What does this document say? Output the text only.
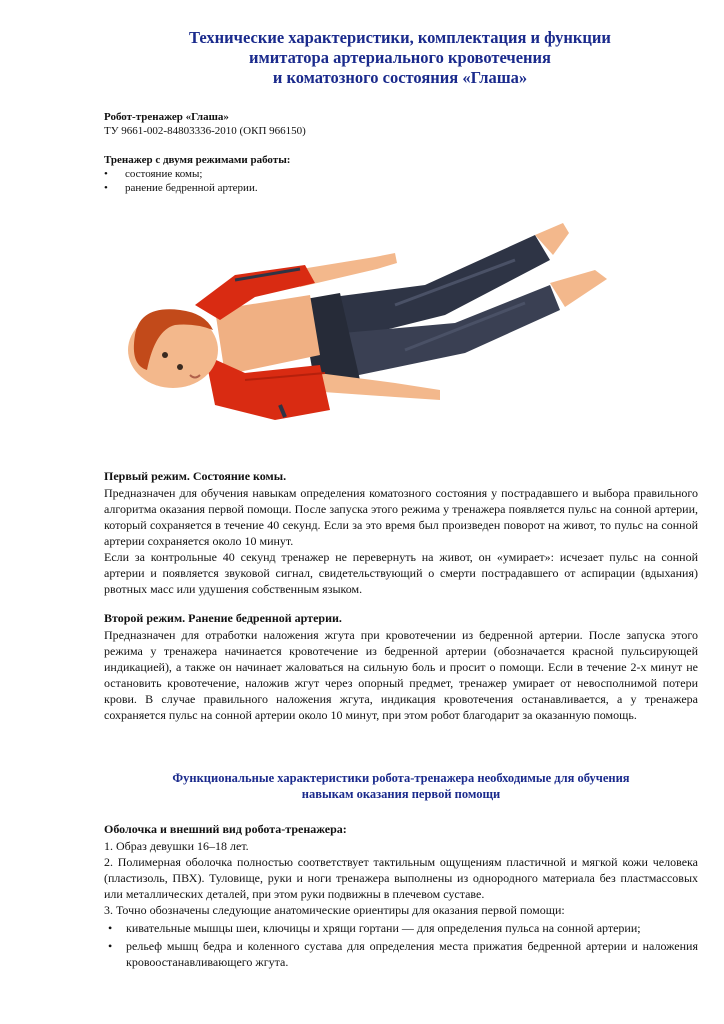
Технические характеристики, комплектация и функции
имитатора артериального кровотечения
и коматозного состояния «Глаша»
Робот-тренажер «Глаша»
ТУ 9661-002-84803336-2010 (ОКП 966150)
Тренажер с двумя режимами работы:
• состояние комы;
• ранение бедренной артерии.
Первый режим. Состояние комы.

Предназначен для обучения навыкам определения коматозного состояния у пострадавшего и выбора правильного алгоритма оказания первой помощи. После запуска этого режима у тренажера появляется пульс на сонной артерии, который сохраняется в течение 40 секунд. Если за это время был произведен поворот на живот, то пульс на сонной артерии сохраняется около 10 минут.

Если за контрольные 40 секунд тренажер не перевернуть на живот, он «умирает»: исчезает пульс на сонной артерии и появляется звуковой сигнал, свидетельствующий о смерти пострадавшего от аспирации (вдыхания) рвотных масс или удушения собственным языком.

Второй режим. Ранение бедренной артерии.

Предназначен для отработки наложения жгута при кровотечении из бедренной артерии. После запуска этого режима у тренажера начинается кровотечение из бедренной артерии (обозначается красной пульсирующей индикацией), а также он начинает жаловаться на сильную боль и просит о помощи. Если в течение 2-х минут не остановить кровотечение, наложив жгут через опорный предмет, тренажер умирает от невосполнимой потери крови. В случае правильного наложения жгута, индикация кровотечения останавливается, а у тренажера сохраняется пульс на сонной артерии около 10 минут, при этом робот благодарит за оказанную помощь.

Функциональные характеристики робота-тренажера необходимые для обучения
навыкам оказания первой помощи
Оболочка и внешний вид робота-тренажера:

1. Образ девушки 16–18 лет.

2. Полимерная оболочка полностью соответствует тактильным ощущениям пластичной и мягкой кожи человека (пластизоль, ПВХ). Туловище, руки и ноги тренажера выполнены из однородного материала без пластмассовых или металлических деталей, при этом руки подвижны в плечевом суставе.

3. Точно обозначены следующие анатомические ориентиры для оказания первой помощи:

• кивательные мышцы шеи, ключицы и хрящи гортани — для определения пульса на сонной артерии;
• рельеф мышц бедра и коленного сустава для определения места прижатия бедренной артерии и наложения кровоостанавливающего жгута.
